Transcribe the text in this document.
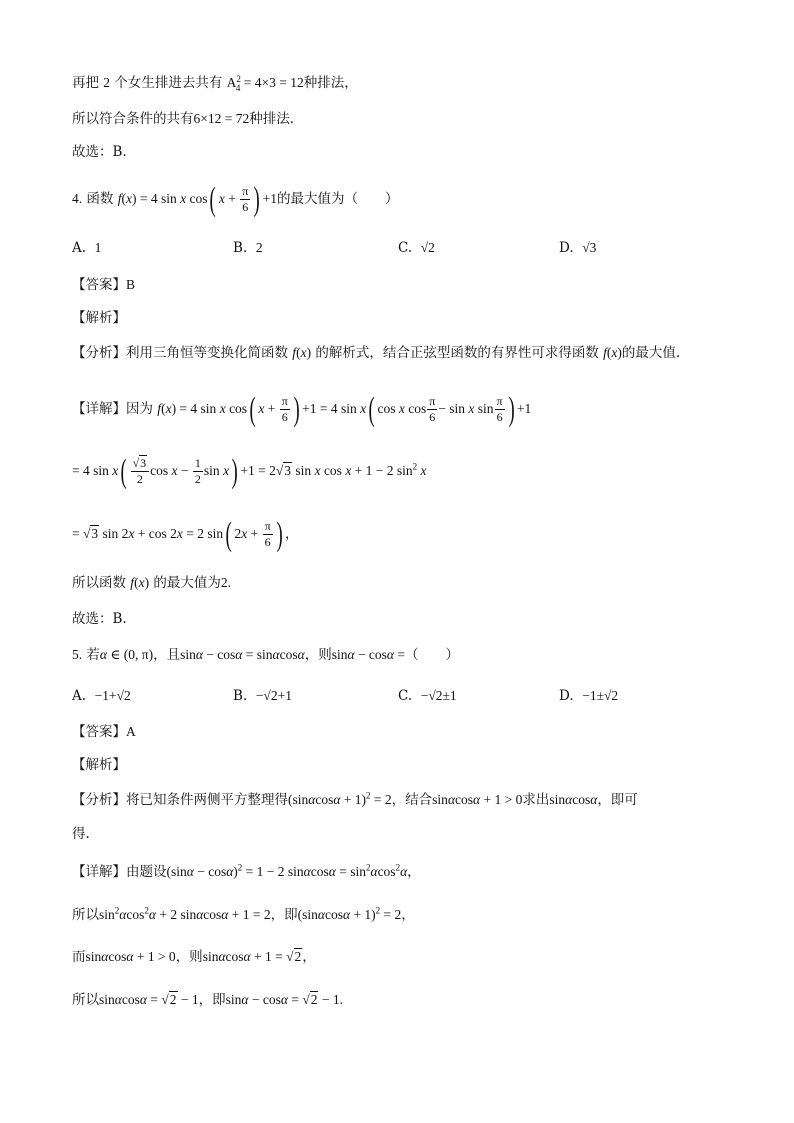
再把 2 个女生排进去共有 $A^2_4 = 4\times 3 = 12$种排法，
所以符合条件的共有6×12 = 72种排法．
故选：B.
4. 函数 f(x) = 4 sin x cos( $x + \frac{\pi}{6}$ ) +1的最大值为（　　）
A. 1	B. 2	C. √2	D. √3
【答案】B
【解析】
【分析】利用三角恒等变换化简函数 f(x) 的解析式，结合正弦型函数的有界性可求得函数 f(x)的最大值.
【详解】因为 f(x) = 4 sin x cos( $x + \frac{\pi}{6}$ ) +1 = 4 sin x( cos x $\cos \frac{\pi}{6} - \sin x$ $\sin \frac{\pi}{6}$ ) +1
= 4 $\sin x( \frac{√3}{2}$ $\cos x - \frac{1}{2}$ sin x) +1 = 2√3 sin x cos x + 1 − 2 $\sin^2 x$
= √3 sin 2x + cos 2x = 2 sin( $2x + \frac{\pi}{6}$ ) ，
所以函数 f(x) 的最大值为2.
故选：B.
5. 若α ∈ (0, π)，且sinα − cosα = sinαcosα，则sinα − cosα =（　　）
A. −1+√2	B. −√2+1	C. −√2±1	D. −1±√2
【答案】A
【解析】
【分析】将已知条件两侧平方整理得$(\sin\alpha\cos\alpha + 1)^2 = 2$，结合sinαcosα + 1 > 0求出sinαcosα，即可
得.
【详解】由题设$(\sin\alpha - \cos\alpha)^2 = 1 - 2$ $\sin\alpha\cos\alpha = \sin^2\alpha\cos^2\alpha$，
所以$\sin^2\alpha\cos^2\alpha + 2$ sinαcosα + 1 = 2，即$(\sin\alpha\cos\alpha + 1)^2 = 2$，
而sinαcosα + 1 > 0，则sinαcosα + 1 = √2，
所以sinαcosα = √2 − 1，即sinα − cosα = √2 − 1.
